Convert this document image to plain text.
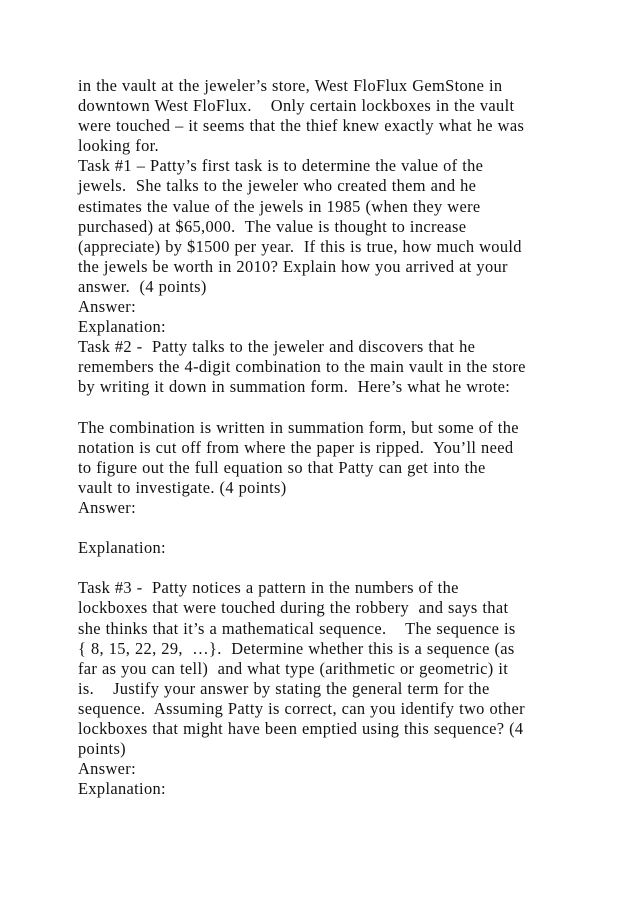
in the vault at the jeweler’s store, West FloFlux GemStone in
downtown West FloFlux.    Only certain lockboxes in the vault
were touched – it seems that the thief knew exactly what he was
looking for.
Task #1 – Patty’s first task is to determine the value of the
jewels.  She talks to the jeweler who created them and he
estimates the value of the jewels in 1985 (when they were
purchased) at $65,000.  The value is thought to increase
(appreciate) by $1500 per year.  If this is true, how much would
the jewels be worth in 2010? Explain how you arrived at your
answer.  (4 points)
Answer:
Explanation:
Task #2 -  Patty talks to the jeweler and discovers that he
remembers the 4-digit combination to the main vault in the store
by writing it down in summation form.  Here’s what he wrote:
The combination is written in summation form, but some of the
notation is cut off from where the paper is ripped.  You’ll need
to figure out the full equation so that Patty can get into the
vault to investigate. (4 points)
Answer:
Explanation:
Task #3 -  Patty notices a pattern in the numbers of the
lockboxes that were touched during the robbery  and says that
she thinks that it’s a mathematical sequence.    The sequence is
{ 8, 15, 22, 29,  …}.  Determine whether this is a sequence (as
far as you can tell)  and what type (arithmetic or geometric) it
is.    Justify your answer by stating the general term for the
sequence.  Assuming Patty is correct, can you identify two other
lockboxes that might have been emptied using this sequence? (4
points)
Answer:
Explanation:
